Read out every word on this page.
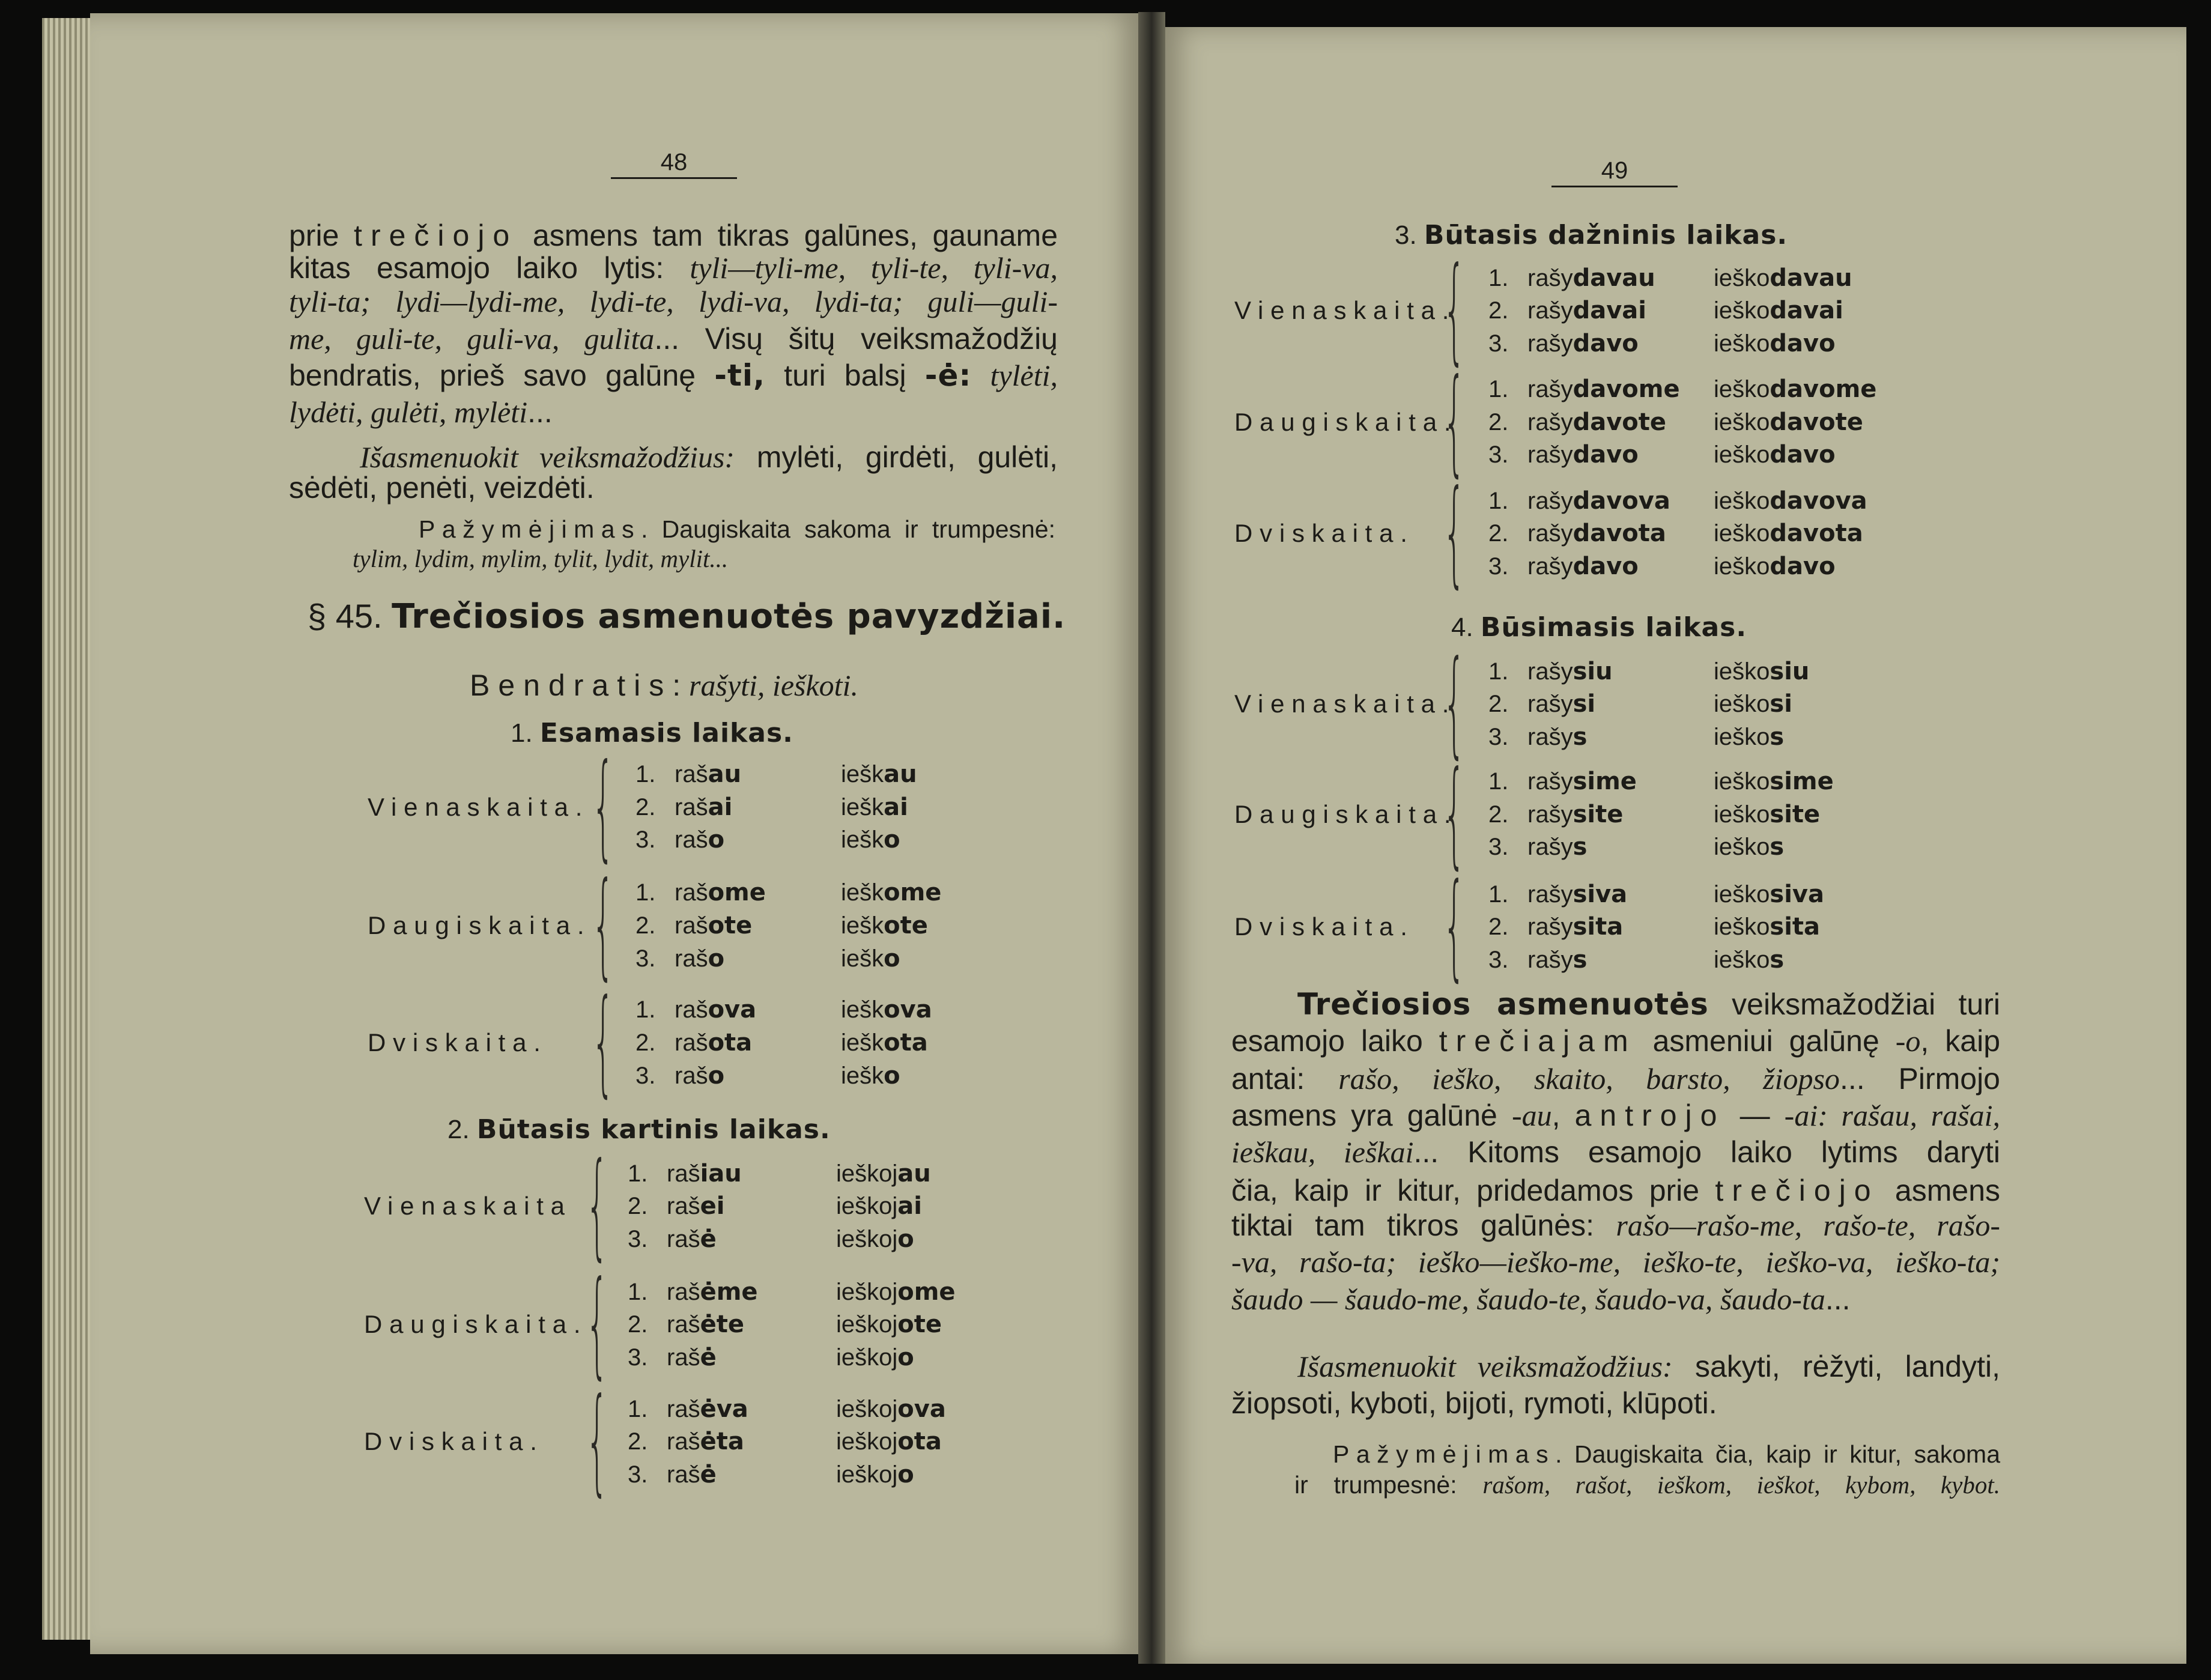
48	49
prie trečiojo asmens tam tikras galūnes, gauname
kitas esamojo laiko lytis: tyli—tyli-me, tyli-te, tyli-va,
tyli-ta; lydi—lydi-me, lydi-te, lydi-va, lydi-ta; guli—guli-
me, guli-te, guli-va, gulita... Visų šitų veiksmažodžių
bendratis, prieš savo galūnę -ti, turi balsį -ė: tylėti,
lydėti, gulėti, mylėti...
Išasmenuokit veiksmažodžius: mylėti, girdėti, gulėti,
sėdėti, penėti, veizdėti.
Pažymėjimas. Daugiskaita sakoma ir trumpesnė:
tylim, lydim, mylim, tylit, lydit, mylit...
§ 45. Trečiosios asmenuotės pavyzdžiai.
Bendratis: rašyti, ieškoti.
1. Esamasis laikas.
Vienaskaita. { 1. rašau	ieškau
2. rašai	ieškai
3. rašo	ieško
Daugiskaita. { 1. rašome	ieškome
2. rašote	ieškote
3. rašo	ieško
Dviskaita. { 1. rašova	ieškova
2. rašota	ieškota
3. rašo	ieško
2. Būtasis kartinis laikas.
Vienaskaita { 1. rašiau	ieškojau
2. rašei	ieškojai
3. rašė	ieškojo
Daugiskaita.
{ 1. rašėme	ieškojome
2. rašėte	ieškojote
3. rašė	ieškojo
Dviskaita. { 1. rašėva	ieškojova
2. rašėta	ieškojota
3. rašė	ieškojo
3. Būtasis dažninis laikas.
Vienaskaita.
{ 1. rašydavau ieškodavau
2. rašydavai	ieškodavai
3. rašydavo	ieškodavo
Daugiskaita.
{ 1. rašydavome ieškodavome
2. rašydavote ieškodavote
3. rašydavo	ieškodavo
Dviskaita. { 1. rašydavova ieškodavova
2. rašydavota ieškodavota
3. rašydavo	ieškodavo
4. Būsimasis laikas.
Vienaskaita.
{ 1. rašysiu	ieškosiu
2. rašysi	ieškosi
3. rašys	ieškos
Daugiskaita.
{ 1. rašysime	ieškosime
2. rašysite	ieškosite
3. rašys	ieškos
Dviskaita. { 1. rašysiva	ieškosiva
2. rašysita	ieškosita
3. rašys	ieškos
Trečiosios asmenuotės veiksmažodžiai turi
esamojo laiko trečiajam asmeniui galūnę -o, kaip
antai: rašo, ieško, skaito, barsto, žiopso... Pirmojo
asmens yra galūnė -au, antrojo — -ai: rašau, rašai,
ieškau, ieškai... Kitoms esamojo laiko lytims daryti
čia, kaip ir kitur, pridedamos prie trečiojo asmens
tiktai tam tikros galūnės: rašo—rašo-me, rašo-te, rašo-
-va, rašo-ta; ieško—ieško-me, ieško-te, ieško-va, ieško-ta;
šaudo — šaudo-me, šaudo-te, šaudo-va, šaudo-ta...
Išasmenuokit veiksmažodžius: sakyti, rėžyti, landyti,
žiopsoti, kyboti, bijoti, rymoti, klūpoti.
Pažymėjimas. Daugiskaita čia, kaip ir kitur, sakoma
ir trumpesnė: rašom, rašot, ieškom, ieškot, kybom, kybot.
